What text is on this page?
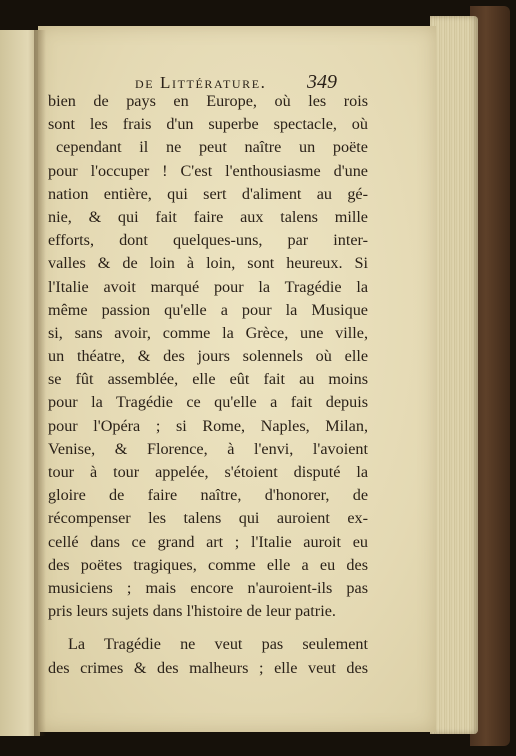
de Littérature. 349
bien de pays en Europe, où les rois
sont les frais d'un superbe spectacle, où
cependant il ne peut naître un poëte
pour l'occuper ! C'est l'enthousiasme d'une
nation entière, qui sert d'aliment au gé-
nie, & qui fait faire aux talens mille
efforts, dont quelques-uns, par inter-
valles & de loin à loin, sont heureux. Si
l'Italie avoit marqué pour la Tragédie la
même passion qu'elle a pour la Musique
si, sans avoir, comme la Grèce, une ville,
un théatre, & des jours solennels où elle
se fût assemblée, elle eût fait au moins
pour la Tragédie ce qu'elle a fait depuis
pour l'Opéra ; si Rome, Naples, Milan,
Venise, & Florence, à l'envi, l'avoient
tour à tour appelée, s'étoient disputé la
gloire de faire naître, d'honorer, de
récompenser les talens qui auroient ex-
cellé dans ce grand art ; l'Italie auroit eu
des poëtes tragiques, comme elle a eu des
musiciens ; mais encore n'auroient-ils pas
pris leurs sujets dans l'histoire de leur patrie.
La Tragédie ne veut pas seulement
des crimes & des malheurs ; elle veut des
